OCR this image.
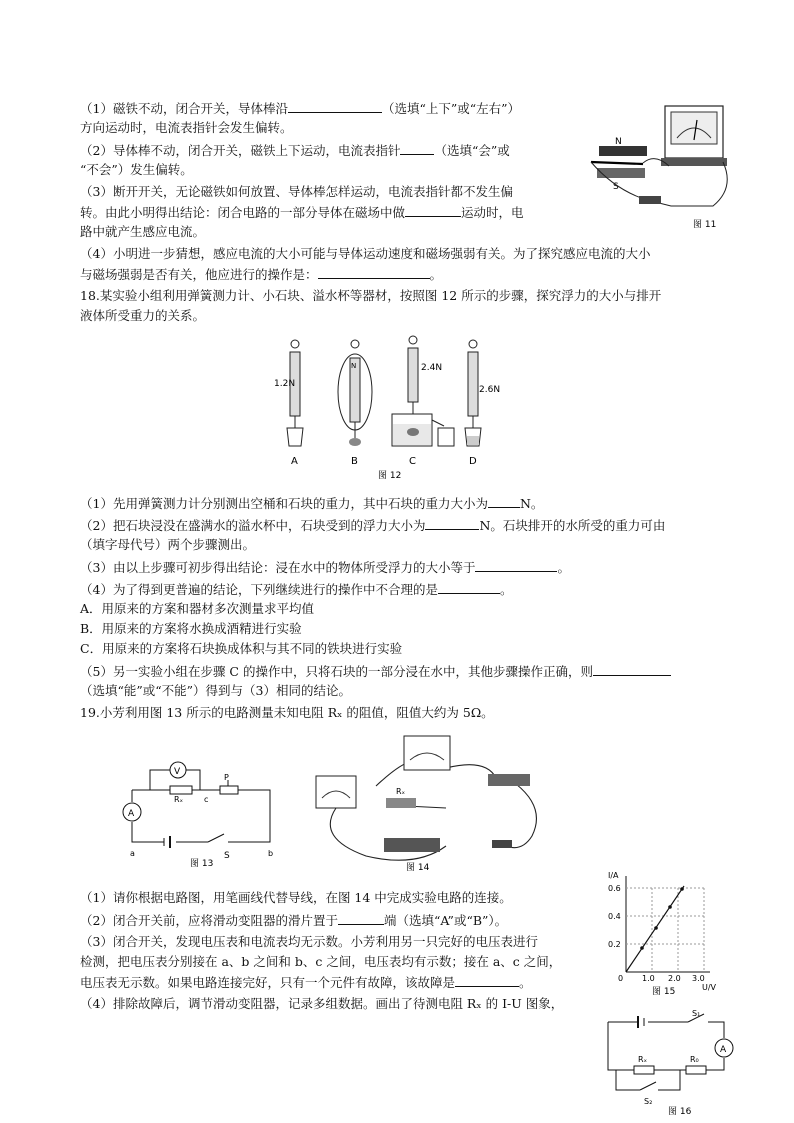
（1）磁铁不动，闭合开关，导体棒沿	（选填“上下”或“左右”）
方向运动时，电流表指针会发生偏转。
（2）导体棒不动，闭合开关，磁铁上下运动，电流表指针	（选填“会”或
“不会”）发生偏转。
（3）断开开关，无论磁铁如何放置、导体棒怎样运动，电流表指针都不发生偏
转。由此小明得出结论：闭合电路的一部分导体在磁场中做	运动时，电
路中就产生感应电流。
（4）小明进一步猜想，感应电流的大小可能与导体运动速度和磁场强弱有关。为了探究感应电流的大小
与磁场强弱是否有关，他应进行的操作是：	。
N
S
图 11
18.某实验小组利用弹簧测力计、小石块、溢水杯等器材，按照图 12 所示的步骤，探究浮力的大小与排开
液体所受重力的关系。
1.2N
A
N
B
2.4N
C
2.6N
D
图 12
（1）先用弹簧测力计分别测出空桶和石块的重力，其中石块的重力大小为	N。
（2）把石块浸没在盛满水的溢水杯中，石块受到的浮力大小为	N。石块排开的水所受的重力可由
（填字母代号）两个步骤测出。
（3）由以上步骤可初步得出结论：浸在水中的物体所受浮力的大小等于	。
（4）为了得到更普遍的结论，下列继续进行的操作中不合理的是	。
A．用原来的方案和器材多次测量求平均值
B．用原来的方案将水换成酒精进行实验
C．用原来的方案将石块换成体积与其不同的铁块进行实验
（5）另一实验小组在步骤 C 的操作中，只将石块的一部分浸在水中，其他步骤操作正确，则
（选填“能”或“不能”）得到与（3）相同的结论。
19.小芳利用图 13 所示的电路测量未知电阻 Rₓ 的阻值，阻值大约为 5Ω。
V
A
Rₓ
P
c
S
a	b
图 13
Rₓ
图 14
I/A
0.6
0.4
0.2
0 1.0 2.0 3.0
U/V
图 15
（1）请你根据电路图，用笔画线代替导线，在图 14 中完成实验电路的连接。
（2）闭合开关前，应将滑动变阻器的滑片置于	端（选填“A”或“B”）。
（3）闭合开关，发现电压表和电流表均无示数。小芳利用另一只完好的电压表进行
检测，把电压表分别接在 a、b 之间和 b、c 之间，电压表均有示数；接在 a、c 之间，
电压表无示数。如果电路连接完好，只有一个元件有故障，该故障是	。
（4）排除故障后，调节滑动变阻器，记录多组数据。画出了待测电阻 Rₓ 的 I-U 图象，
A
S₁
Rₓ	R₀
S₂
图 16
